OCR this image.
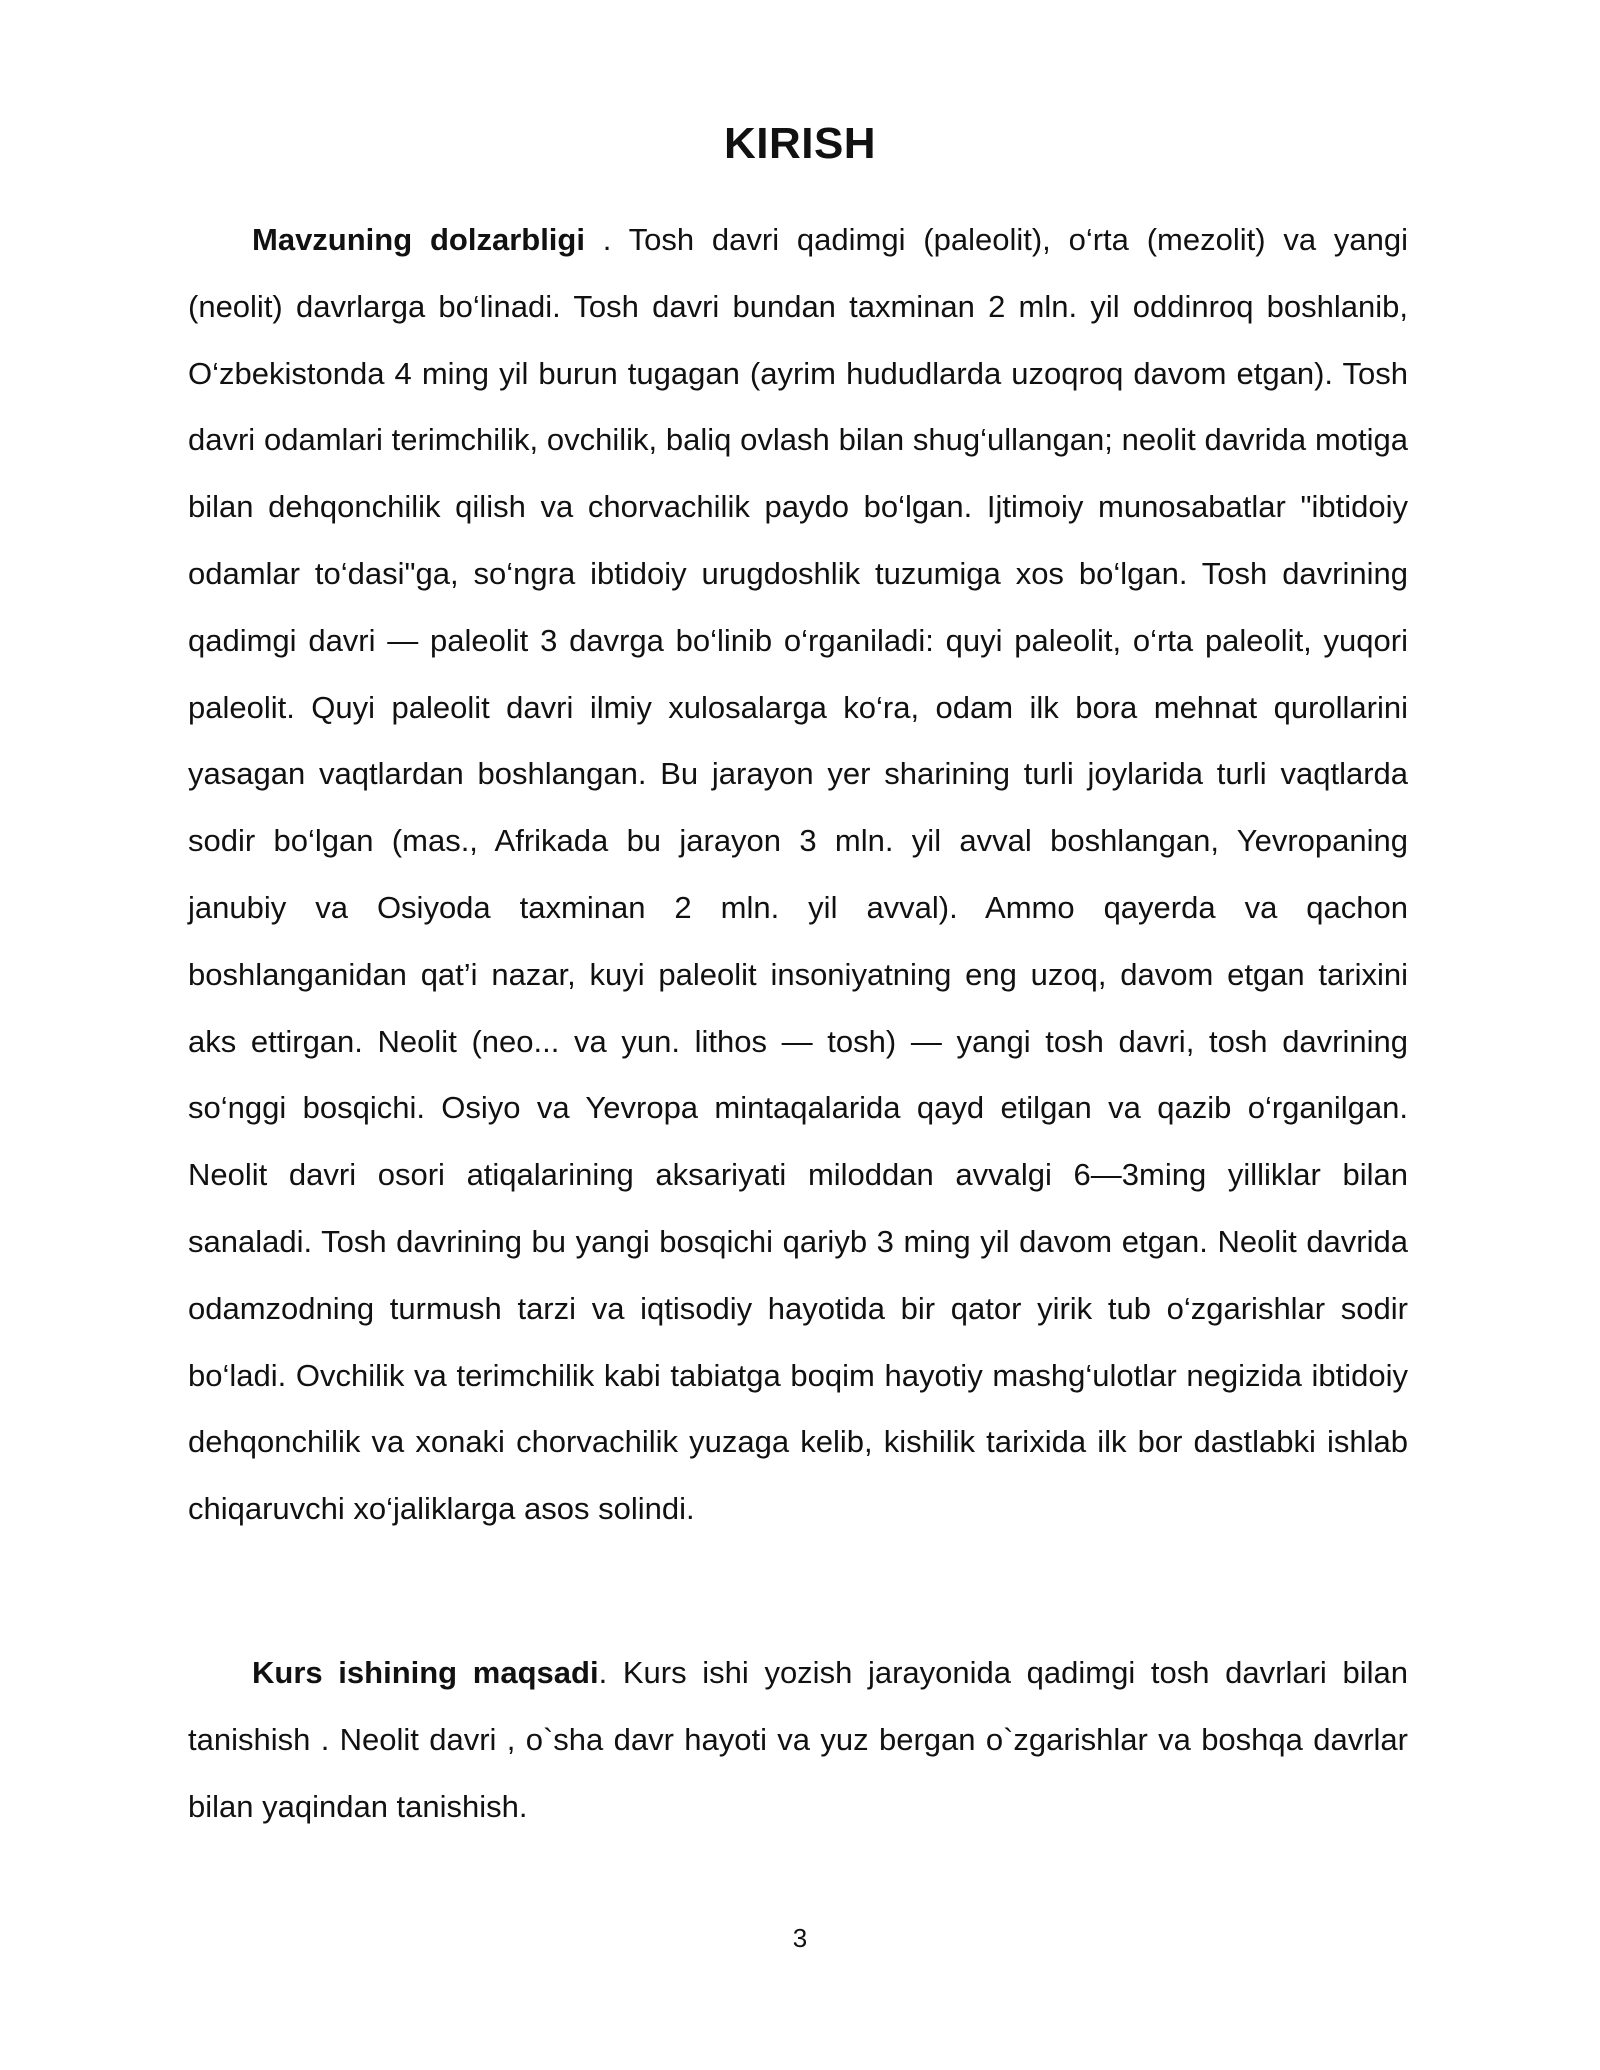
KIRISH

Mavzuning dolzarbligi . Tosh davri qadimgi (paleolit), o‘rta (mezolit) va yangi (neolit) davrlarga bo‘linadi. Tosh davri bundan taxminan 2 mln. yil oddinroq boshlanib, O‘zbekistonda 4 ming yil burun tugagan (ayrim hududlarda uzoqroq davom etgan). Tosh davri odamlari terimchilik, ovchilik, baliq ovlash bilan shug‘ullangan; neolit davrida motiga bilan dehqonchilik qilish va chorvachilik paydo bo‘lgan. Ijtimoiy munosabatlar "ibtidoiy odamlar to‘dasi"ga, so‘ngra ibtidoiy urugdoshlik tuzumiga xos bo‘lgan. Tosh davrining qadimgi davri — paleolit 3 davrga bo‘linib o‘rganiladi: quyi paleolit, o‘rta paleolit, yuqori paleolit. Quyi paleolit davri ilmiy xulosalarga ko‘ra, odam ilk bora mehnat qurollarini yasagan vaqtlardan boshlangan. Bu jarayon yer sharining turli joylarida turli vaqtlarda sodir bo‘lgan (mas., Afrikada bu jarayon 3 mln. yil avval boshlangan, Yevropaning janubiy va Osiyoda taxminan 2 mln. yil avval). Ammo qayerda va qachon boshlanganidan qat’i nazar, kuyi paleolit insoniyatning eng uzoq, davom etgan tarixini aks ettirgan. Neolit (neo... va yun. lithos — tosh) — yangi tosh davri, tosh davrining so‘nggi bosqichi. Osiyo va Yevropa mintaqalarida qayd etilgan va qazib o‘rganilgan. Neolit davri osori atiqalarining aksariyati miloddan avvalgi 6—3ming yilliklar bilan sanaladi. Tosh davrining bu yangi bosqichi qariyb 3 ming yil davom etgan. Neolit davrida odamzodning turmush tarzi va iqtisodiy hayotida bir qator yirik tub o‘zgarishlar sodir bo‘ladi. Ovchilik va terimchilik kabi tabiatga boqim hayotiy mashg‘ulotlar negizida ibtidoiy dehqonchilik va xonaki chorvachilik yuzaga kelib, kishilik tarixida ilk bor dastlabki ishlab chiqaruvchi xo‘jaliklarga asos solindi.

Kurs ishining maqsadi. Kurs ishi yozish jarayonida qadimgi tosh davrlari bilan tanishish . Neolit davri , o`sha davr hayoti va yuz bergan o`zgarishlar va boshqa davrlar bilan yaqindan tanishish.

3
